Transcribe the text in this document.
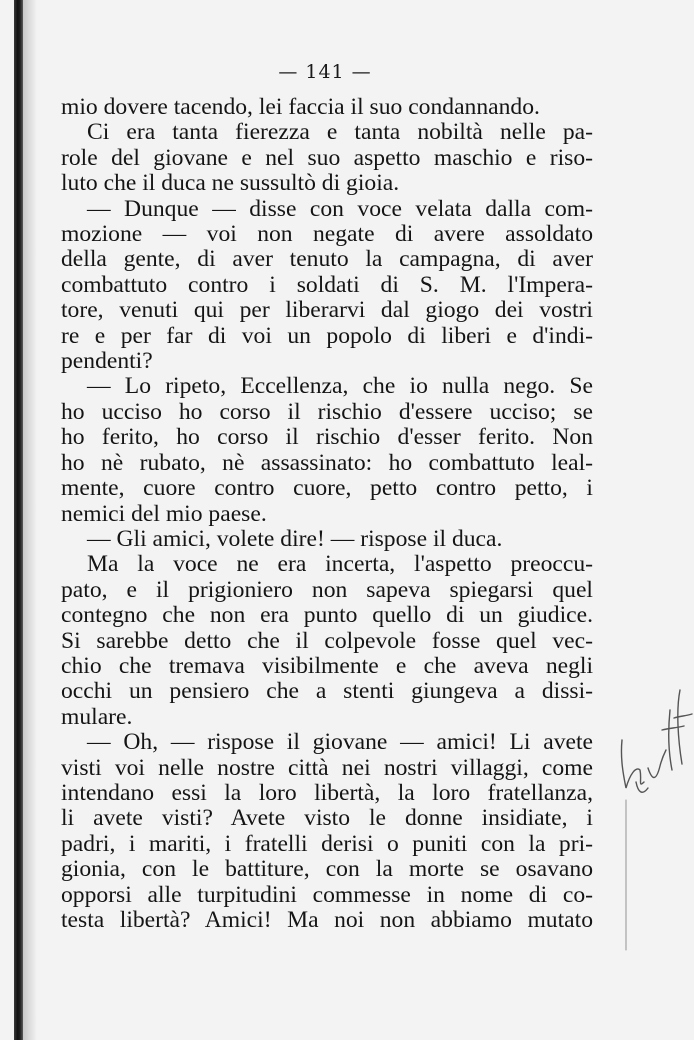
— 141 —
mio dovere tacendo, lei faccia il suo condannando.
Ci era tanta fierezza e tanta nobiltà nelle pa-
role del giovane e nel suo aspetto maschio e riso-
luto che il duca ne sussultò di gioia.
— Dunque — disse con voce velata dalla com-
mozione — voi non negate di avere assoldato
della gente, di aver tenuto la campagna, di aver
combattuto contro i soldati di S. M. l'Impera-
tore, venuti qui per liberarvi dal giogo dei vostri
re e per far di voi un popolo di liberi e d'indi-
pendenti?
— Lo ripeto, Eccellenza, che io nulla nego. Se
ho ucciso ho corso il rischio d'essere ucciso; se
ho ferito, ho corso il rischio d'esser ferito. Non
ho nè rubato, nè assassinato: ho combattuto leal-
mente, cuore contro cuore, petto contro petto, i
nemici del mio paese.
— Gli amici, volete dire! — rispose il duca.
Ma la voce ne era incerta, l'aspetto preoccu-
pato, e il prigioniero non sapeva spiegarsi quel
contegno che non era punto quello di un giudice.
Si sarebbe detto che il colpevole fosse quel vec-
chio che tremava visibilmente e che aveva negli
occhi un pensiero che a stenti giungeva a dissi-
mulare.
— Oh, — rispose il giovane — amici! Li avete
visti voi nelle nostre città nei nostri villaggi, come
intendano essi la loro libertà, la loro fratellanza,
li avete visti? Avete visto le donne insidiate, i
padri, i mariti, i fratelli derisi o puniti con la pri-
gionia, con le battiture, con la morte se osavano
opporsi alle turpitudini commesse in nome di co-
testa libertà? Amici! Ma noi non abbiamo mutato
